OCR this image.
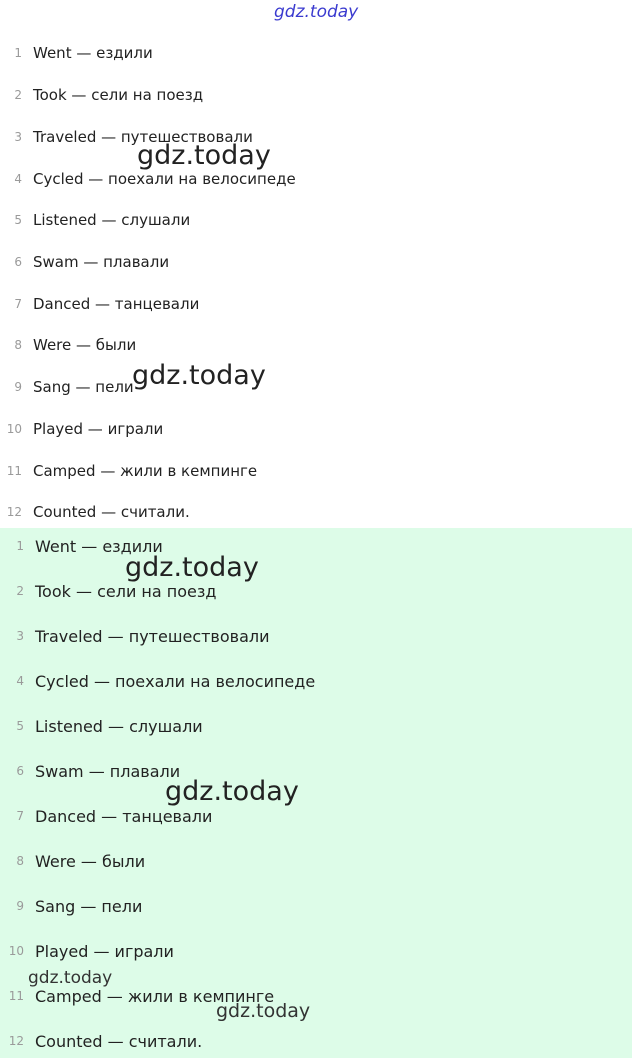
gdz.today
1 Went — ездили
2 Took — сели на поезд
3 Traveled — путешествовали
4 Cycled — поехали на велосипеде
5 Listened — слушали
6 Swam — плавали
7 Danced — танцевали
8 Were — были
9 Sang — пели
10 Played — играли
11 Camped — жили в кемпинге
12 Counted — считали.
gdz.today
gdz.today
1 Went — ездили
2 Took — сели на поезд
3 Traveled — путешествовали
4 Cycled — поехали на велосипеде
5 Listened — слушали
6 Swam — плавали
7 Danced — танцевали
8 Were — были
9 Sang — пели
10 Played — играли
11 Camped — жили в кемпинге
12 Counted — считали.
gdz.today
gdz.today
gdz.today
gdz.today
